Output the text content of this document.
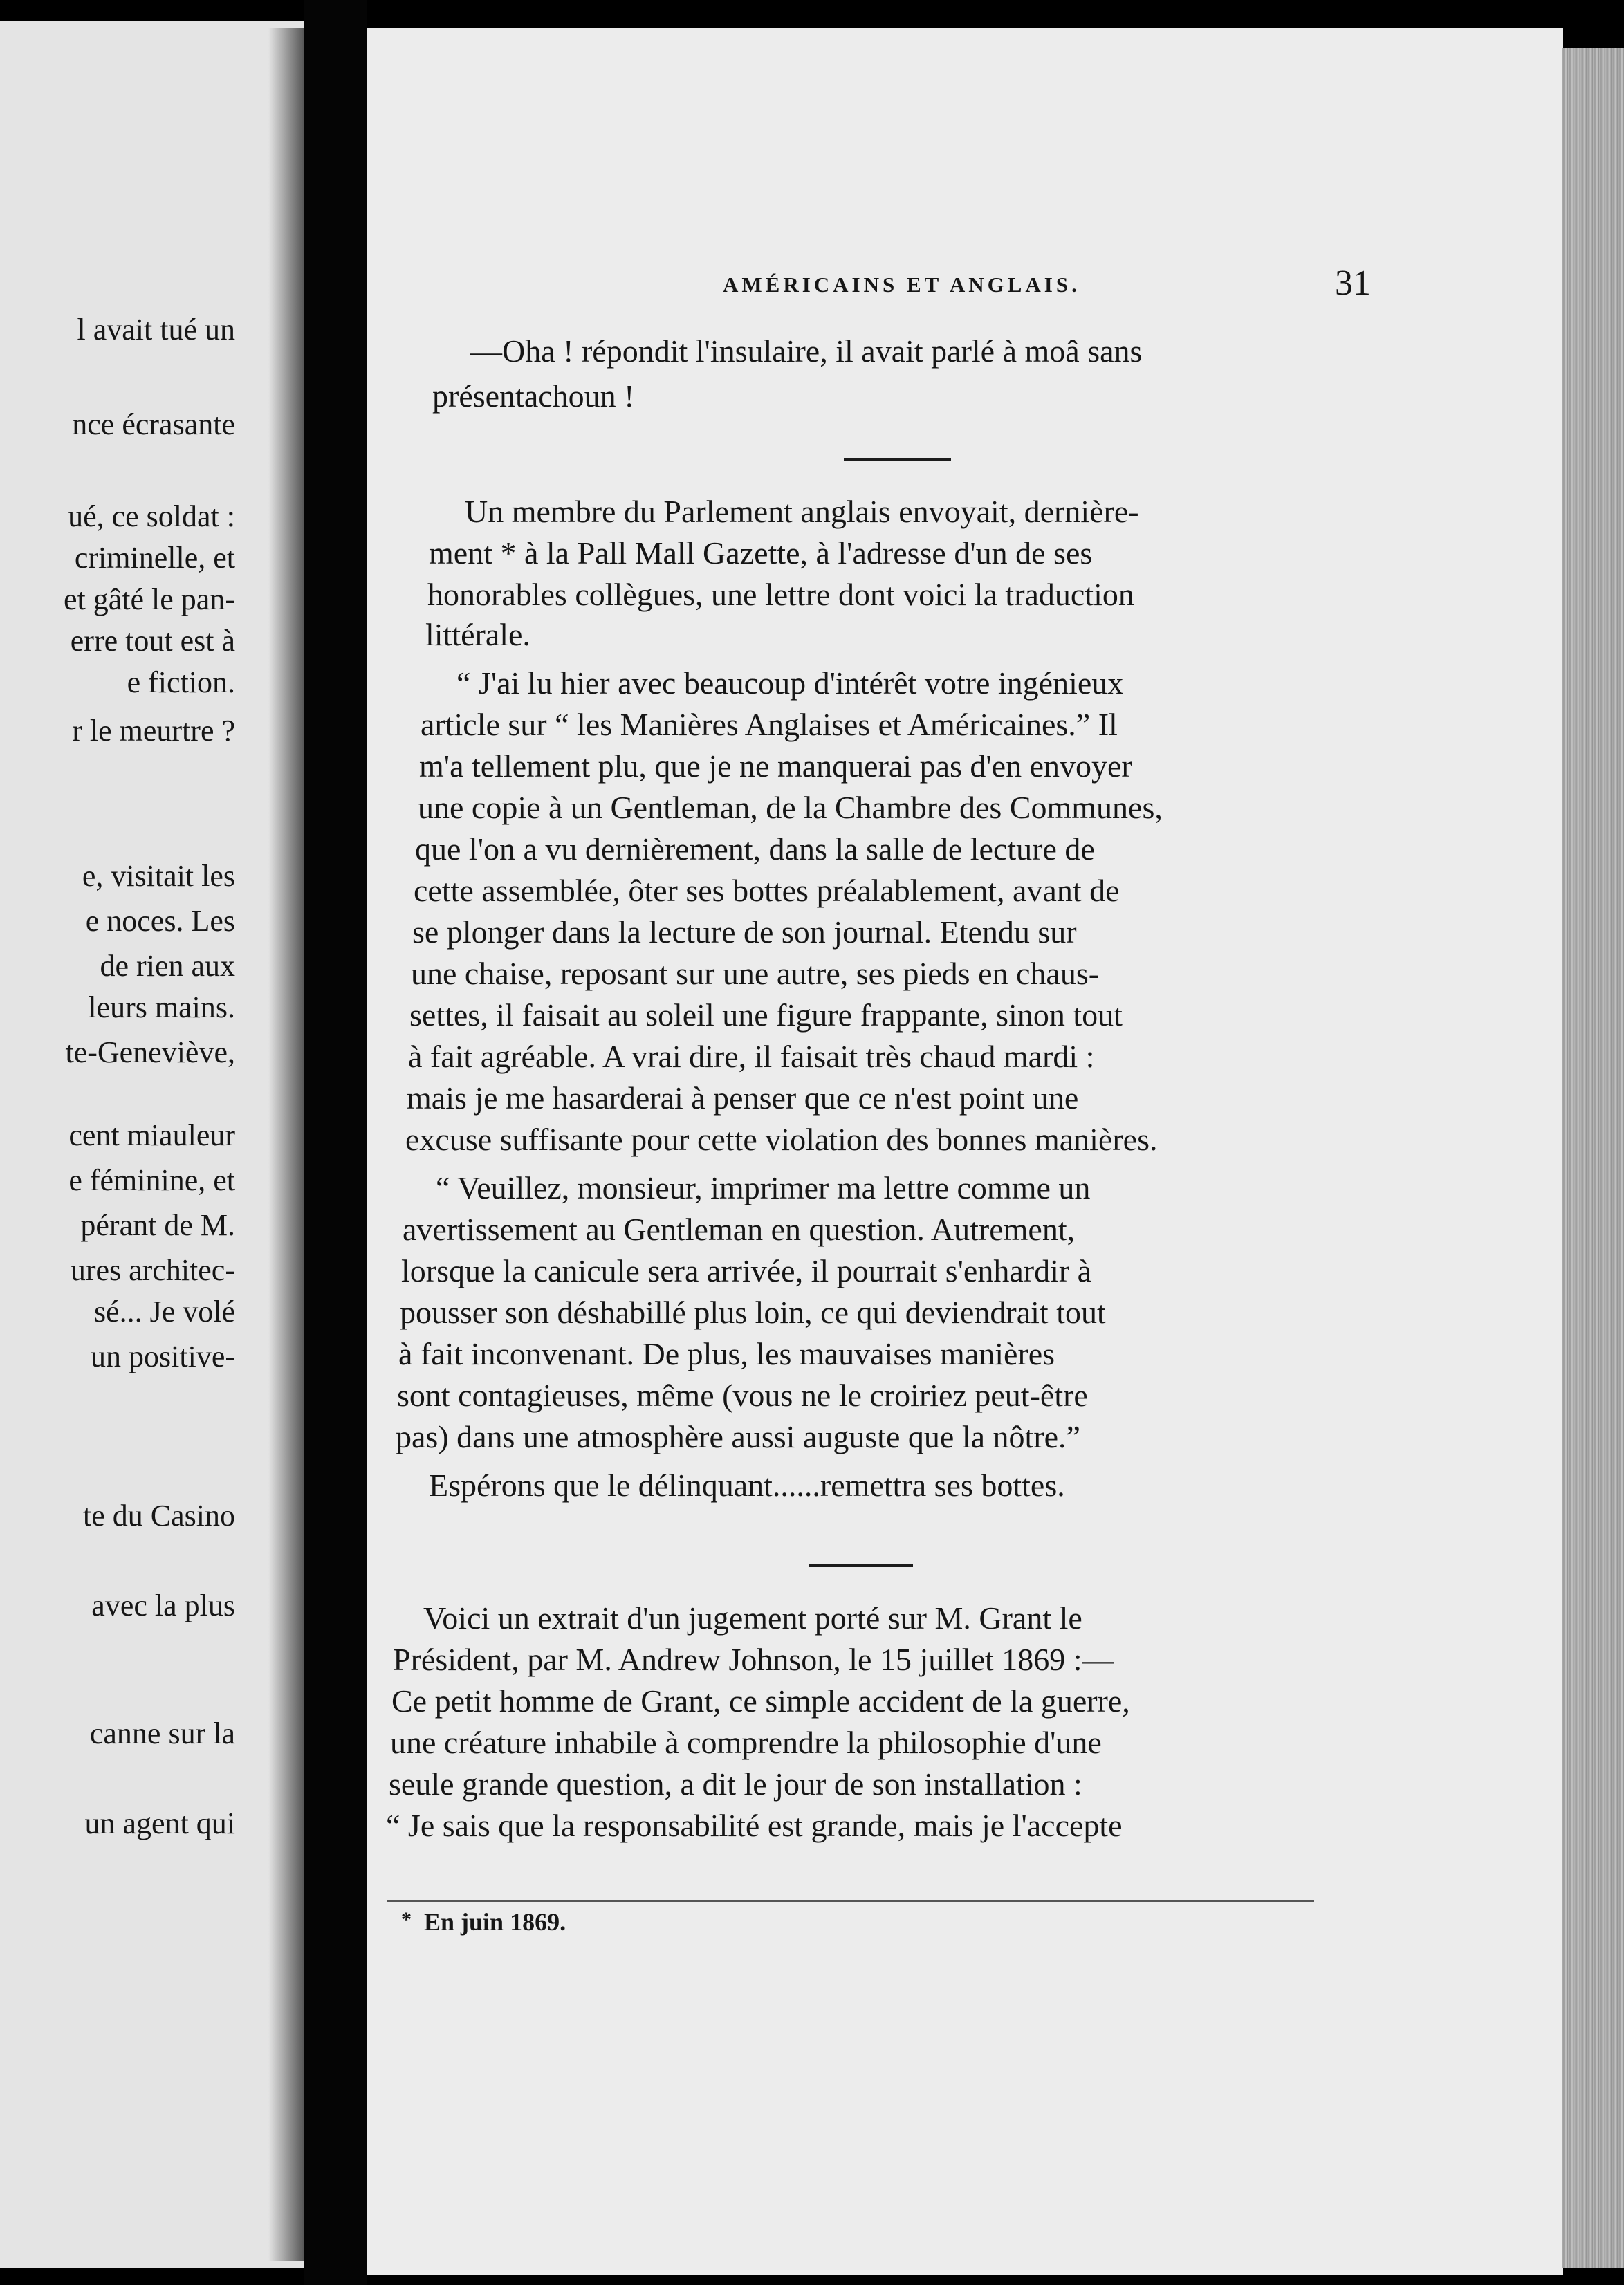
l avait tué un
nce écrasante
ué, ce soldat :
criminelle, et
et gâté le pan-
erre tout est à
e fiction.
r le meurtre ?
e, visitait les
e noces. Les
de rien aux
leurs mains.
te-Geneviève,
cent miauleur
e féminine, et
pérant de M.
ures architec-
sé... Je volé
un positive-
te du Casino
avec la plus
canne sur la
un agent qui
AMÉRICAINS ET ANGLAIS.	31
—Oha ! répondit l'insulaire, il avait parlé à moâ sans
présentachoun !
Un membre du Parlement anglais envoyait, dernière-
ment * à la Pall Mall Gazette, à l'adresse d'un de ses
honorables collègues, une lettre dont voici la traduction
littérale.
“ J'ai lu hier avec beaucoup d'intérêt votre ingénieux
article sur “ les Manières Anglaises et Américaines.” Il
m'a tellement plu, que je ne manquerai pas d'en envoyer
une copie à un Gentleman, de la Chambre des Communes,
que l'on a vu dernièrement, dans la salle de lecture de
cette assemblée, ôter ses bottes préalablement, avant de
se plonger dans la lecture de son journal. Etendu sur
une chaise, reposant sur une autre, ses pieds en chaus-
settes, il faisait au soleil une figure frappante, sinon tout
à fait agréable. A vrai dire, il faisait très chaud mardi :
mais je me hasarderai à penser que ce n'est point une
excuse suffisante pour cette violation des bonnes manières.
“ Veuillez, monsieur, imprimer ma lettre comme un
avertissement au Gentleman en question. Autrement,
lorsque la canicule sera arrivée, il pourrait s'enhardir à
pousser son déshabillé plus loin, ce qui deviendrait tout
à fait inconvenant. De plus, les mauvaises manières
sont contagieuses, même (vous ne le croiriez peut-être
pas) dans une atmosphère aussi auguste que la nôtre.”
Espérons que le délinquant......remettra ses bottes.
Voici un extrait d'un jugement porté sur M. Grant le
Président, par M. Andrew Johnson, le 15 juillet 1869 :—
Ce petit homme de Grant, ce simple accident de la guerre,
une créature inhabile à comprendre la philosophie d'une
seule grande question, a dit le jour de son installation :
“ Je sais que la responsabilité est grande, mais je l'accepte
* En juin 1869.
